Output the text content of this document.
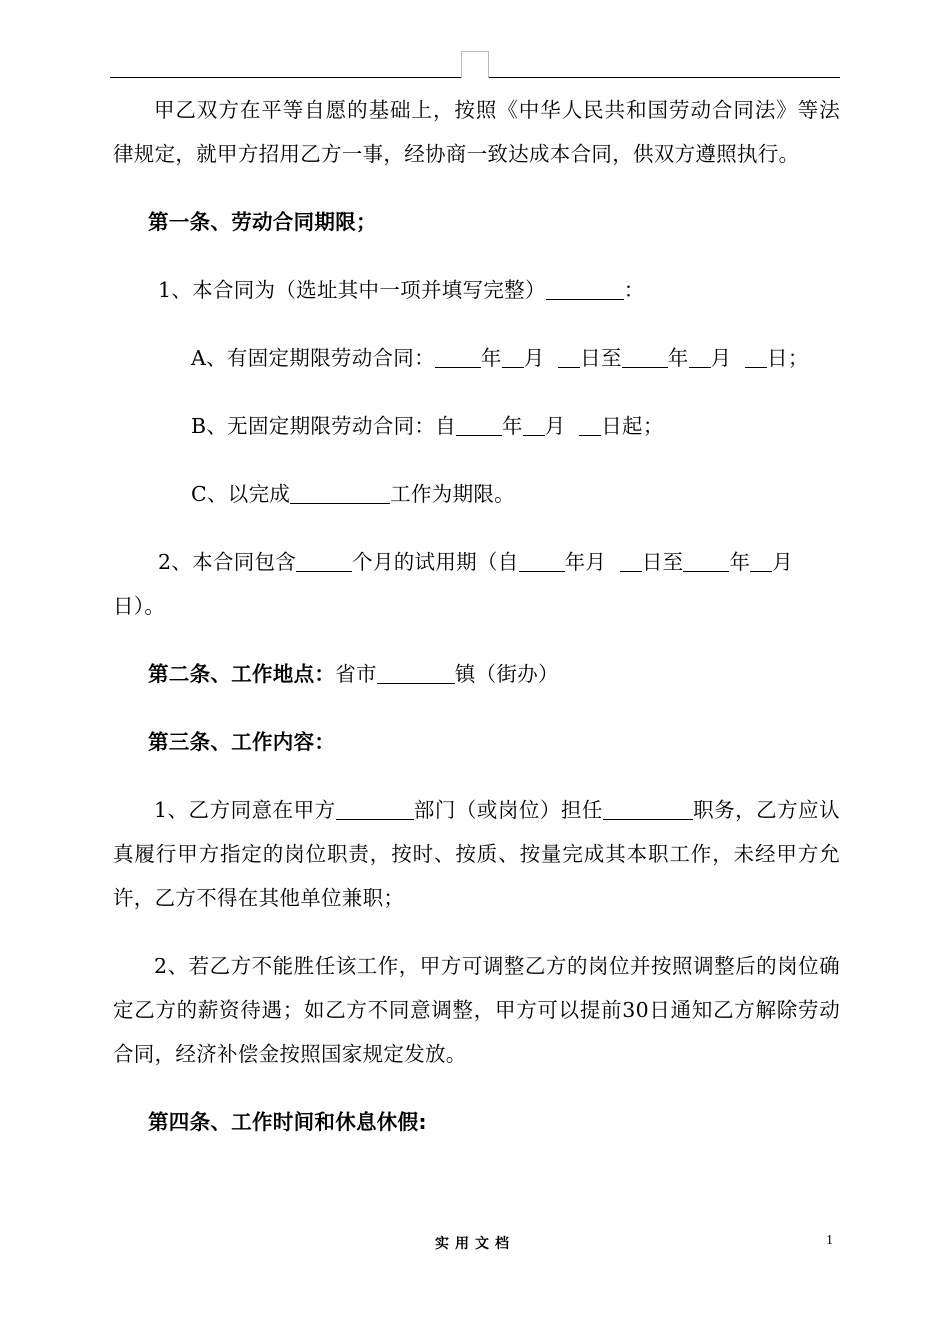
甲乙双方在平等自愿的基础上，按照《中华人民共和国劳动合同法》等法律规定，就甲方招用乙方一事，经协商一致达成本合同，供双方遵照执行。

第一条、劳动合同期限；

1、本合同为（选址其中一项并填写完整）	：

A、有固定期限劳动合同： 年 月 日至 年 月 日；

B、无固定期限劳动合同：自 年 月 日起；

C、以完成	工作为期限。

2、本合同包含	个月的试用期（自 年月 日至 年 月

日）。

第二条、工作地点：省市	镇（街办）

第三条、工作内容：

1、乙方同意在甲方	部门（或岗位）担任	职务，乙方应认真履行甲方指定的岗位职责，按时、按质、按量完成其本职工作，未经甲方允许，乙方不得在其他单位兼职；

2、若乙方不能胜任该工作，甲方可调整乙方的岗位并按照调整后的岗位确定乙方的薪资待遇；如乙方不同意调整，甲方可以提前30日通知乙方解除劳动合同，经济补偿金按照国家规定发放。

第四条、工作时间和休息休假:

实用文档	1
